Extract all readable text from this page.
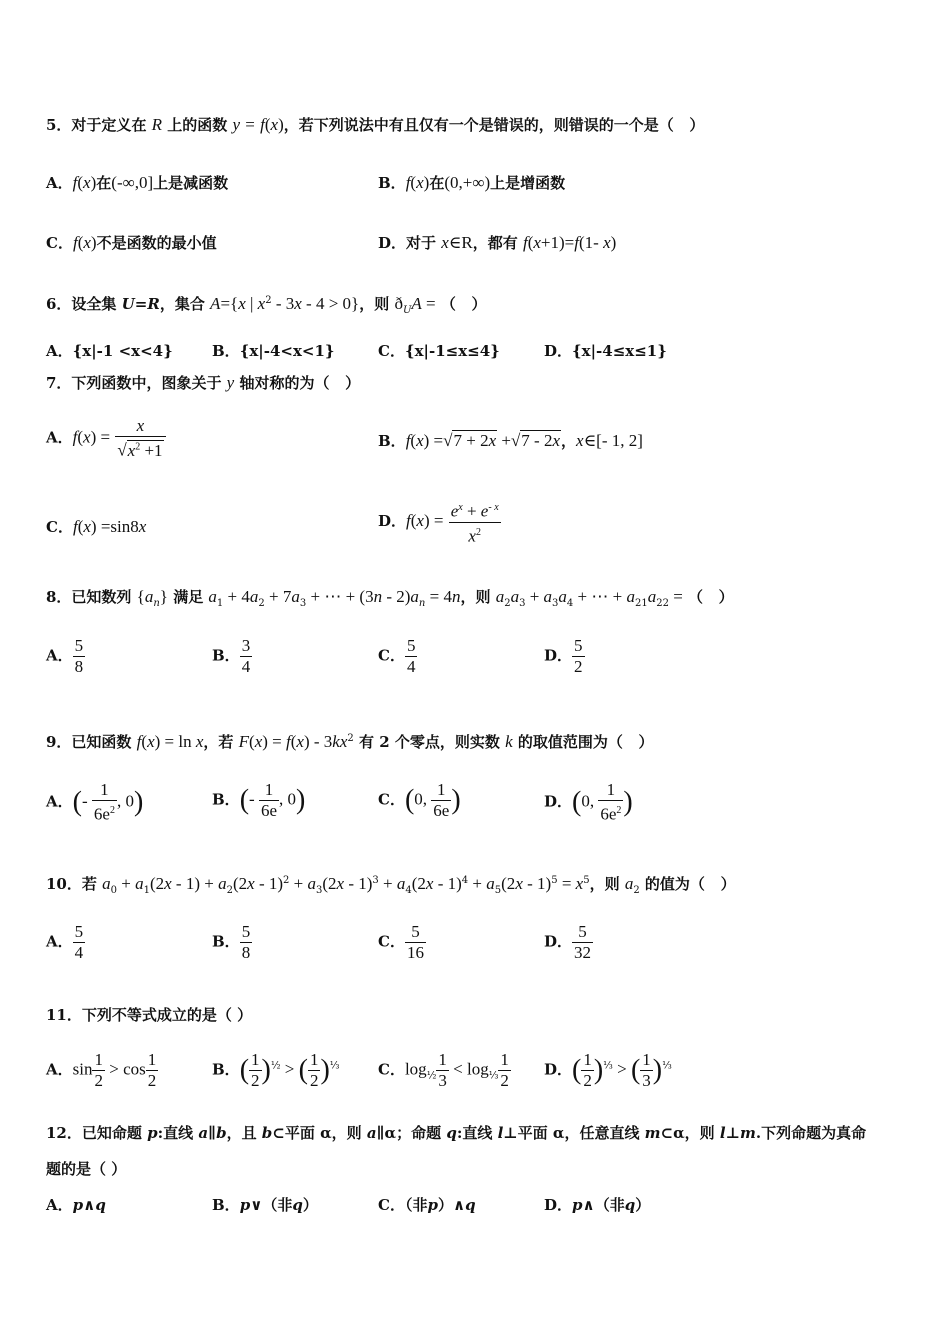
5．对于定义在 R 上的函数 y = f(x)，若下列说法中有且仅有一个是错误的，则错误的一个是（   ）
A．f(x)在(-∞,0]上是减函数	B．f(x)在(0,+∞)上是增函数
C．f(x)不是函数的最小值	D．对于 x∈R，都有 f(x+1)=f(1- x)
6．设全集 U=R，集合 A={x | $x^2 - 3x - 4 > 0$}，则 $ð_UA$ = （   ）
A．{x|-1 <x<4}	B．{x|-4<x<1}	C．{x|-1≤x≤4}	D．{x|-4≤x≤1}
7．下列函数中，图象关于 y 轴对称的为（   ）
A．$f(x) = \frac{x}{√x^2 +1}$	B．f(x) =√7 + 2x +√7 - 2x，x∈[- 1, 2]
C．f(x) =sin8x	D．$f(x) = \frac{e^x + e^{- x}}{x^2}$
8．已知数列 $\{a_n\}$ 满足 $a_1 + 4a_2 + 7a_3$ + ⋯ + $(3n - 2)a_n = 4n$，则 $a_2a_3 + a_3a_4$ + ⋯ + $a_{21}a_{22}$ = （   ）
A． $\frac{5}{8}$	B． $\frac{3}{4}$	C． $\frac{5}{4}$	D． $\frac{5}{2}$
9．已知函数 f(x) = ln x，若 $F(x) = f(x) - 3kx^2$ 有 2 个零点，则实数 k 的取值范围为（   ）
A．(- $\frac{1}{6e^2}$ , 0)	B．(- $\frac{1}{6e}$ , 0)	C．(0, $\frac{1}{6e}$ )	D．(0, $\frac{1}{6e^2}$ )
10．若 $a_0 + a_1(2x - 1) + a_2(2x - 1)^2 + a_3(2x - 1)^3 + a_4(2x - 1)^4 + a_5(2x - 1)^5 = x^5$，则 $a_2$ 的值为（   ）
A． $\frac{5}{4}$	B． $\frac{5}{8}$	C． $\frac{5}{16}$	D． $\frac{5}{32}$
11．下列不等式成立的是（ ）
A．$\sin \frac{1}{2} > \cos \frac{1}{2}$	B．( $\frac{1}{2} )^{\frac{1}{2}}$ > ( $\frac{1}{2} )^{\frac{1}{3}}$	C．$\log_{\frac{1}{2}} \frac{1}{3} < \log_{\frac{1}{3}} \frac{1}{2}$ D．( $\frac{1}{2} )^{\frac{1}{3}}$ > ( $\frac{1}{3} )^{\frac{1}{3}}$
12．已知命题 p:直线 a∥b，且 b⊂平面 α，则 a∥α；命题 q:直线 l⊥平面 α，任意直线 m⊂α，则 l⊥m.下列命题为真命
题的是（ ）
A．p∧q	B．p∨（非q）	C．（非p）∧q	D．p∧（非q）
